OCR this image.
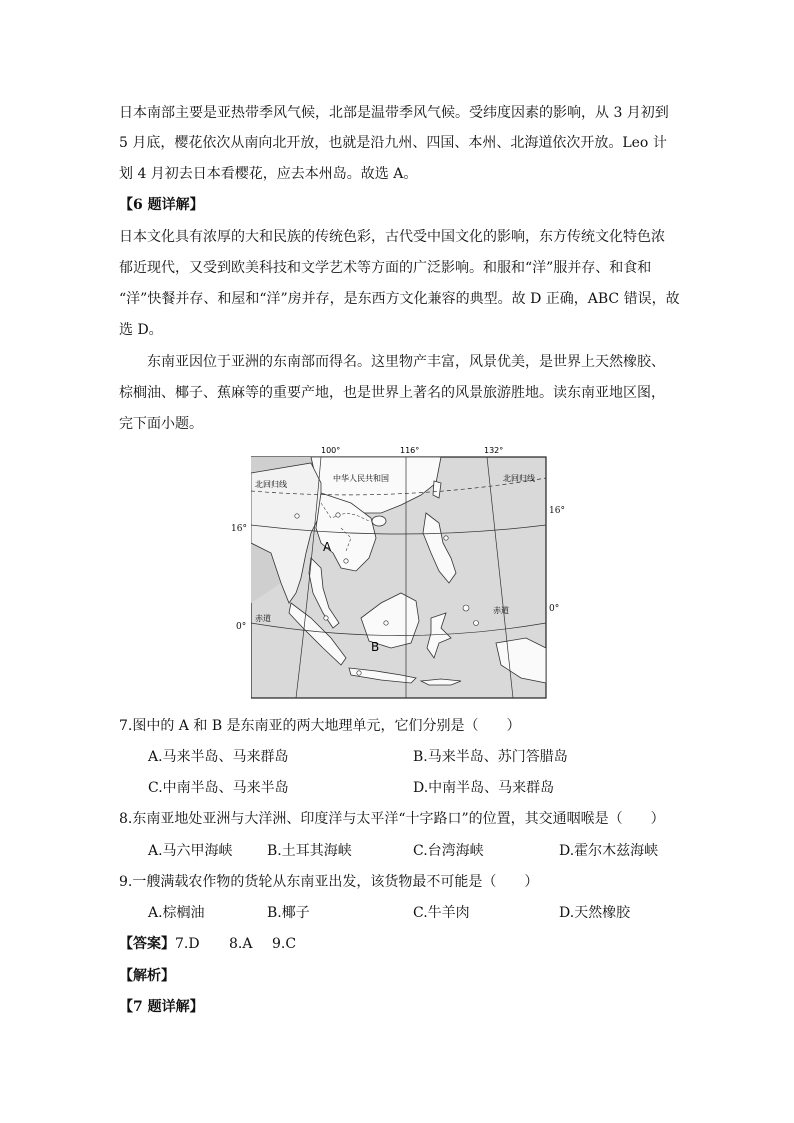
日本南部主要是亚热带季风气候，北部是温带季风气候。受纬度因素的影响，从 3 月初到
5 月底，樱花依次从南向北开放，也就是沿九州、四国、本州、北海道依次开放。Leo 计
划 4 月初去日本看樱花，应去本州岛。故选 A。
【6 题详解】
日本文化具有浓厚的大和民族的传统色彩，古代受中国文化的影响，东方传统文化特色浓
郁近现代，又受到欧美科技和文学艺术等方面的广泛影响。和服和“洋”服并存、和食和
“洋”快餐并存、和屋和“洋”房并存，是东西方文化兼容的典型。故 D 正确，ABC 错误，故
选 D。
东南亚因位于亚洲的东南部而得名。这里物产丰富，风景优美，是世界上天然橡胶、
棕榈油、椰子、蕉麻等的重要产地，也是世界上著名的风景旅游胜地。读东南亚地区图，
完下面小题。
100°	116°	132°
北回归线
北回归线
中华人民共和国
A
B
赤道
赤道
16°
0°
16°
0°
7.图中的 A 和 B 是东南亚的两大地理单元，它们分别是（　　）
A.马来半岛、马来群岛	B.马来半岛、苏门答腊岛
C.中南半岛、马来半岛	D.中南半岛、马来群岛
8.东南亚地处亚洲与大洋洲、印度洋与太平洋“十字路口”的位置，其交通咽喉是（　　）
A.马六甲海峡 B.土耳其海峡	C.台湾海峡	D.霍尔木兹海峡
9.一艘满载农作物的货轮从东南亚出发，该货物最不可能是（　　）
A.棕榈油	B.椰子	C.牛羊肉	D.天然橡胶
【答案】 7.D 8.A 9.C
【解析】
【7 题详解】
